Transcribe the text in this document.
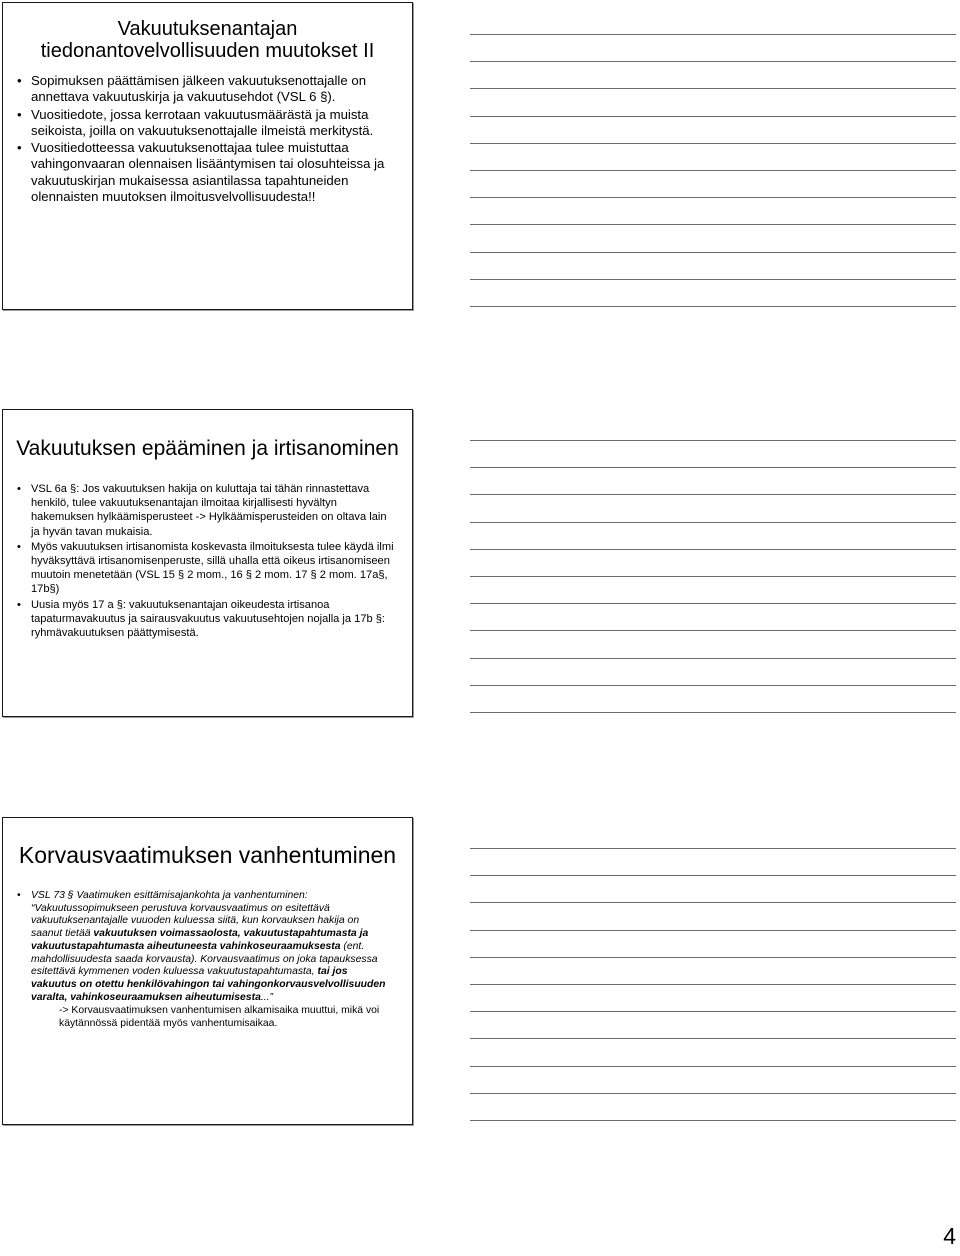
Vakuutuksenantajan tiedonantovelvollisuuden muutokset II
• Sopimuksen päättämisen jälkeen vakuutuksenottajalle on annettava vakuutuskirja ja vakuutusehdot (VSL 6 §).
• Vuositiedote, jossa kerrotaan vakuutusmäärästä ja muista seikoista, joilla on vakuutuksenottajalle ilmeistä merkitystä.
• Vuositiedotteessa vakuutuksenottajaa tulee muistuttaa vahingonvaaran olennaisen lisääntymisen tai olosuhteissa ja vakuutuskirjan mukaisessa asiantilassa tapahtuneiden olennaisten muutoksen ilmoitusvelvollisuudesta!!
Vakuutuksen epääminen ja irtisanominen
• VSL 6a §: Jos vakuutuksen hakija on kuluttaja tai tähän rinnastettava henkilö, tulee vakuutuksenantajan ilmoitaa kirjallisesti hyvältyn hakemuksen hylkäämisperusteet -> Hylkäämisperusteiden on oltava lain ja hyvän tavan mukaisia.
• Myös vakuutuksen irtisanomista koskevasta ilmoituksesta tulee käydä ilmi hyväksyttävä irtisanomisenperuste, sillä uhalla että oikeus irtisanomiseen muutoin menetetään (VSL 15 § 2 mom., 16 § 2 mom. 17 § 2 mom. 17a§, 17b§)
• Uusia myös 17 a §: vakuutuksenantajan oikeudesta irtisanoa tapaturmavakuutus ja sairausvakuutus vakuutusehtojen nojalla ja 17b §: ryhmävakuutuksen päättymisestä.
Korvausvaatimuksen vanhentuminen
• VSL 73 § Vaatimuken esittämisajankohta ja vanhentuminen: “Vakuutussopimukseen perustuva korvausvaatimus on esitettävä vakuutuksenantajalle vuuoden kuluessa siitä, kun korvauksen hakija on saanut tietää vakuutuksen voimassaolosta, vakuutustapahtumasta ja vakuutustapahtumasta aiheutuneesta vahinkoseuraamuksesta (ent. mahdollisuudesta saada korvausta). Korvausvaatimus on joka tapauksessa esitettävä kymmenen voden kuluessa vakuutustapahtumasta, tai jos vakuutus on otettu henkilövahingon tai vahingonkorvausvelvollisuuden varalta, vahinkoseuraamuksen aiheutumisesta...”
-> Korvausvaatimuksen vanhentumisen alkamisaika muuttui, mikä voi käytännössä pidentää myös vanhentumisaikaa.
4
